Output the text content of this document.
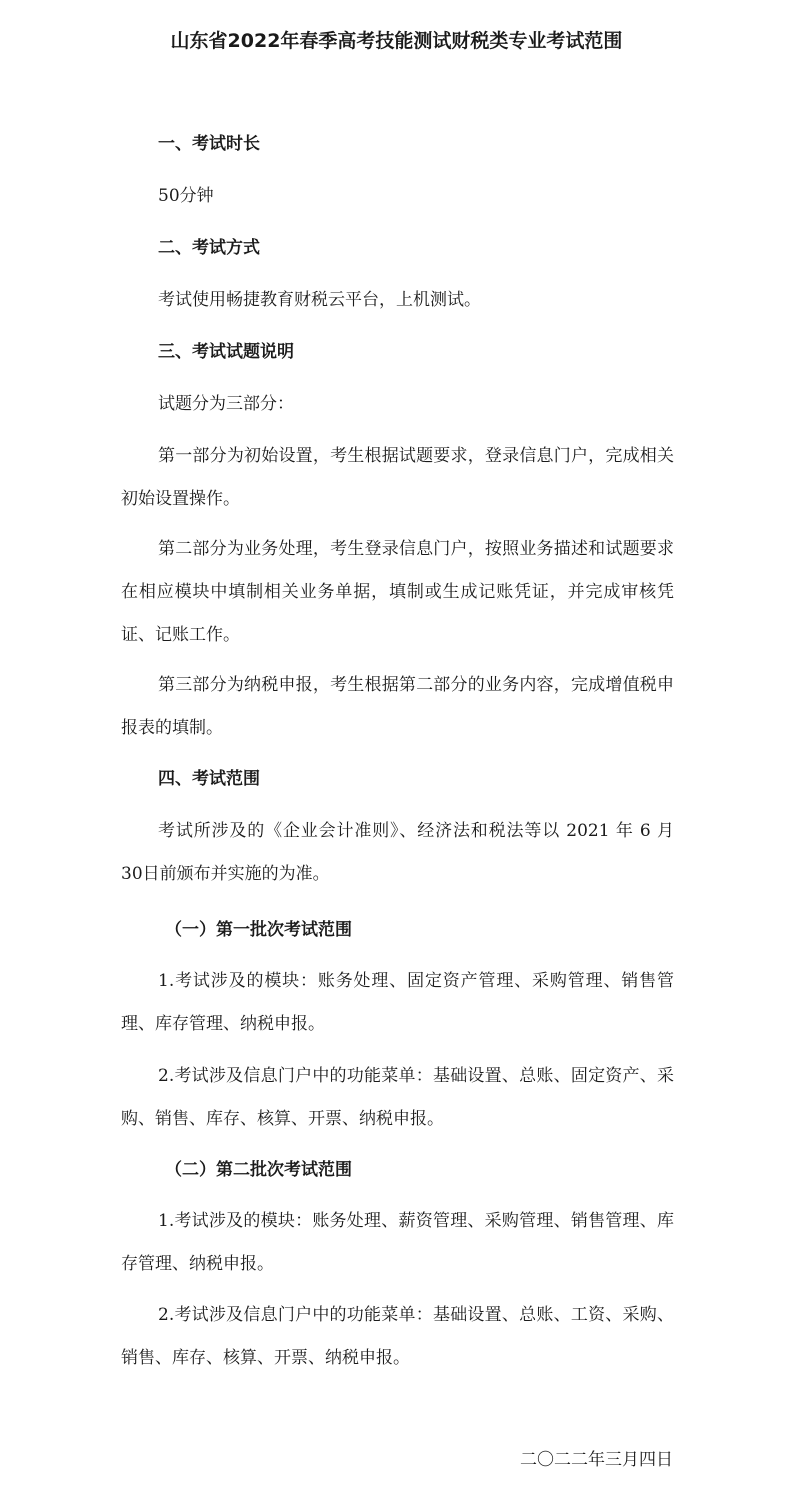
山东省2022年春季高考技能测试财税类专业考试范围
一、考试时长

50分钟

二、考试方式

考试使用畅捷教育财税云平台，上机测试。

三、考试试题说明

试题分为三部分：

第一部分为初始设置，考生根据试题要求，登录信息门户，完成相关初始设置操作。

第二部分为业务处理，考生登录信息门户，按照业务描述和试题要求在相应模块中填制相关业务单据，填制或生成记账凭证，并完成审核凭证、记账工作。

第三部分为纳税申报，考生根据第二部分的业务内容，完成增值税申报表的填制。

四、考试范围

考试所涉及的《企业会计准则》、经济法和税法等以 2021 年 6 月 30日前颁布并实施的为准。

（一）第一批次考试范围

1.考试涉及的模块：账务处理、固定资产管理、采购管理、销售管理、库存管理、纳税申报。

2.考试涉及信息门户中的功能菜单：基础设置、总账、固定资产、采购、销售、库存、核算、开票、纳税申报。

（二）第二批次考试范围

1.考试涉及的模块：账务处理、薪资管理、采购管理、销售管理、库存管理、纳税申报。

2.考试涉及信息门户中的功能菜单：基础设置、总账、工资、采购、销售、库存、核算、开票、纳税申报。

二〇二二年三月四日
